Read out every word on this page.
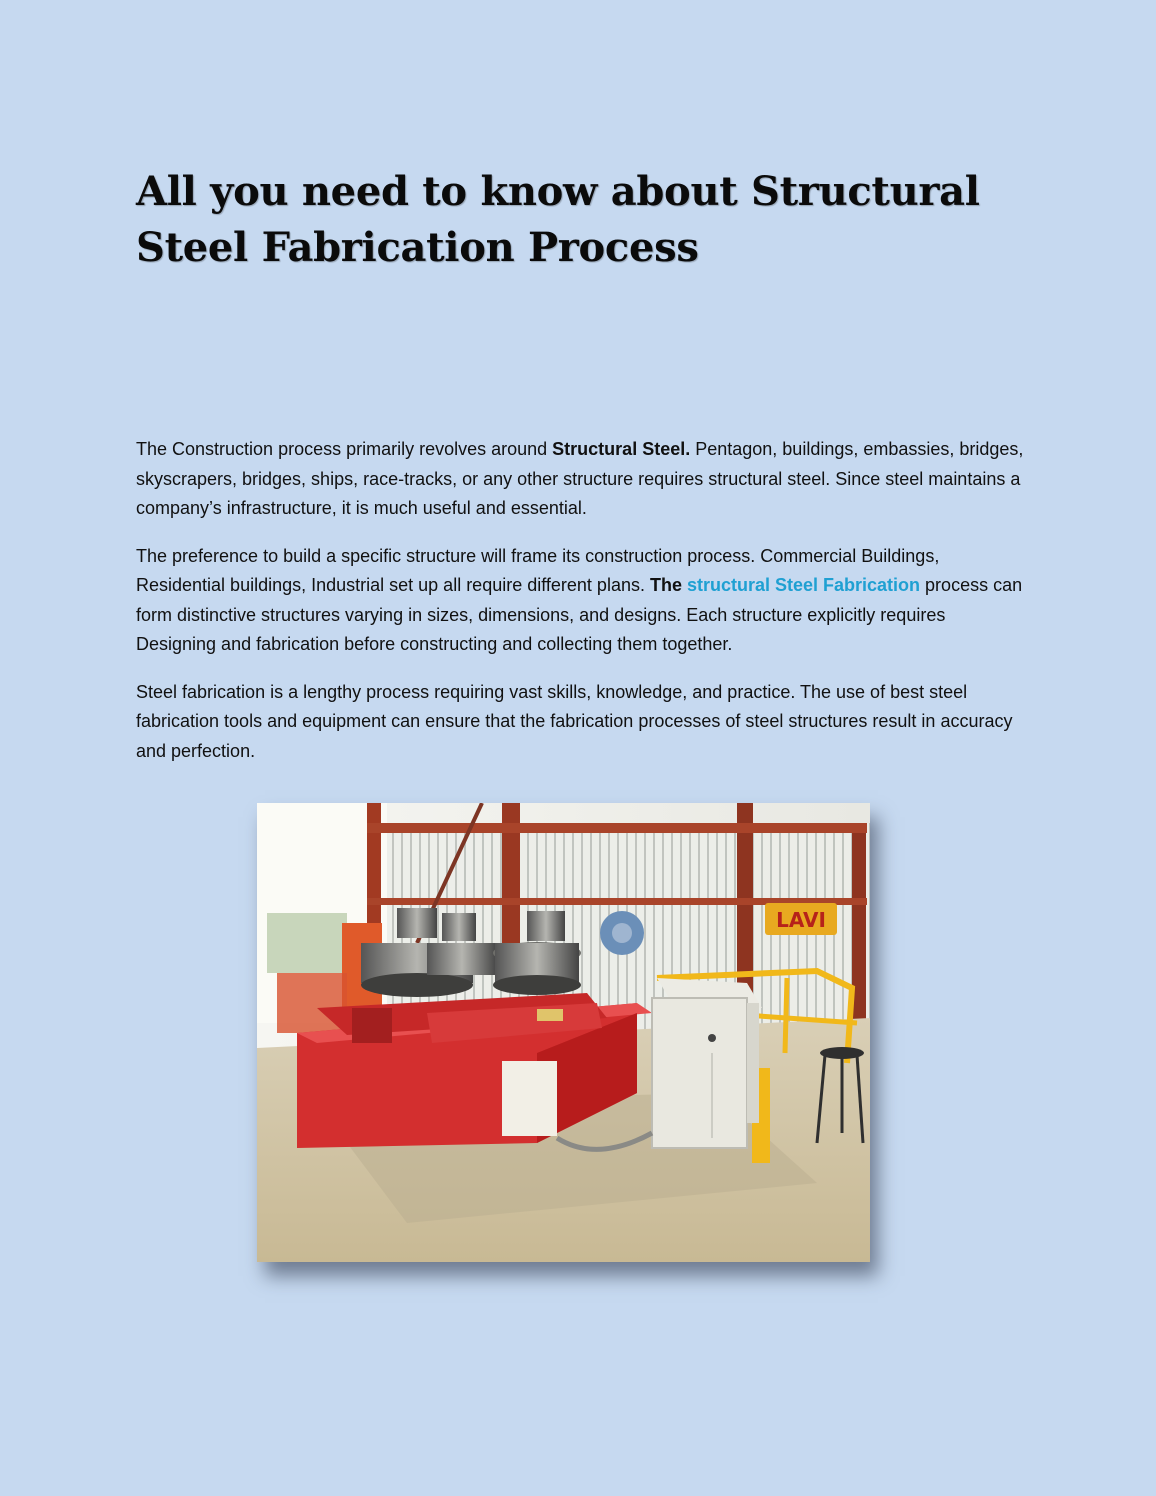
All you need to know about Structural
Steel Fabrication Process

The Construction process primarily revolves around Structural Steel. Pentagon, buildings, embassies, bridges, skyscrapers, bridges, ships, race-tracks, or any other structure requires structural steel. Since steel maintains a company’s infrastructure, it is much useful and essential.

The preference to build a specific structure will frame its construction process. Commercial Buildings, Residential buildings, Industrial set up all require different plans. The structural Steel Fabrication process can form distinctive structures varying in sizes, dimensions, and designs. Each structure explicitly requires Designing and fabrication before constructing and collecting them together.

Steel fabrication is a lengthy process requiring vast skills, knowledge, and practice. The use of best steel fabrication tools and equipment can ensure that the fabrication processes of steel structures result in accuracy and perfection.

LAVI
